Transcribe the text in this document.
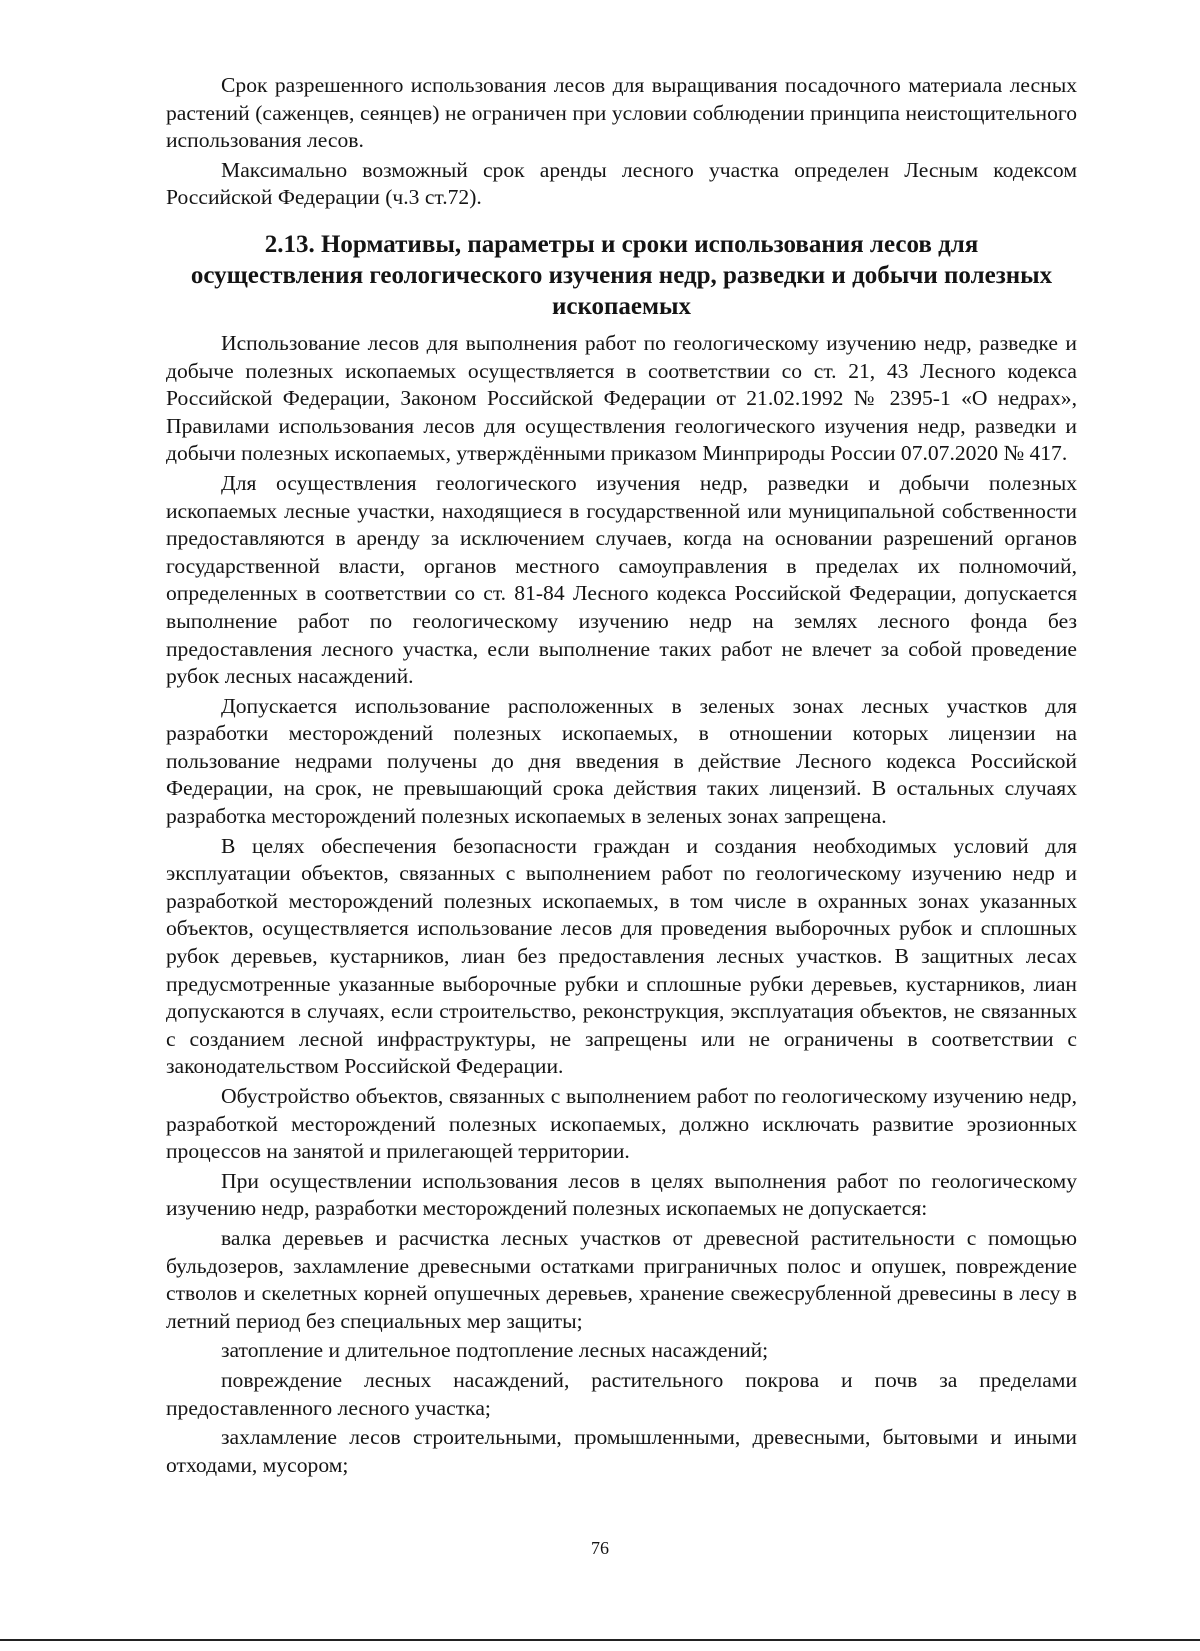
Срок разрешенного использования лесов для выращивания посадочного материала лесных растений (саженцев, сеянцев) не ограничен при условии соблюдении принципа неистощительного использования лесов.

Максимально возможный срок аренды лесного участка определен Лесным кодексом Российской Федерации (ч.3 ст.72).

2.13. Нормативы, параметры и сроки использования лесов для осуществления геологического изучения недр, разведки и добычи полезных ископаемых

Использование лесов для выполнения работ по геологическому изучению недр, разведке и добыче полезных ископаемых осуществляется в соответствии со ст. 21, 43 Лесного кодекса Российской Федерации, Законом Российской Федерации от 21.02.1992 № 2395-1 «О недрах», Правилами использования лесов для осуществления геологического изучения недр, разведки и добычи полезных ископаемых, утверждёнными приказом Минприроды России 07.07.2020 № 417.

Для осуществления геологического изучения недр, разведки и добычи полезных ископаемых лесные участки, находящиеся в государственной или муниципальной собственности предоставляются в аренду за исключением случаев, когда на основании разрешений органов государственной власти, органов местного самоуправления в пределах их полномочий, определенных в соответствии со ст. 81-84 Лесного кодекса Российской Федерации, допускается выполнение работ по геологическому изучению недр на землях лесного фонда без предоставления лесного участка, если выполнение таких работ не влечет за собой проведение рубок лесных насаждений.

Допускается использование расположенных в зеленых зонах лесных участков для разработки месторождений полезных ископаемых, в отношении которых лицензии на пользование недрами получены до дня введения в действие Лесного кодекса Российской Федерации, на срок, не превышающий срока действия таких лицензий. В остальных случаях разработка месторождений полезных ископаемых в зеленых зонах запрещена.

В целях обеспечения безопасности граждан и создания необходимых условий для эксплуатации объектов, связанных с выполнением работ по геологическому изучению недр и разработкой месторождений полезных ископаемых, в том числе в охранных зонах указанных объектов, осуществляется использование лесов для проведения выборочных рубок и сплошных рубок деревьев, кустарников, лиан без предоставления лесных участков. В защитных лесах предусмотренные указанные выборочные рубки и сплошные рубки деревьев, кустарников, лиан допускаются в случаях, если строительство, реконструкция, эксплуатация объектов, не связанных с созданием лесной инфраструктуры, не запрещены или не ограничены в соответствии с законодательством Российской Федерации.

Обустройство объектов, связанных с выполнением работ по геологическому изучению недр, разработкой месторождений полезных ископаемых, должно исключать развитие эрозионных процессов на занятой и прилегающей территории.

При осуществлении использования лесов в целях выполнения работ по геологическому изучению недр, разработки месторождений полезных ископаемых не допускается:

валка деревьев и расчистка лесных участков от древесной растительности с помощью бульдозеров, захламление древесными остатками приграничных полос и опушек, повреждение стволов и скелетных корней опушечных деревьев, хранение свежесрубленной древесины в лесу в летний период без специальных мер защиты;

затопление и длительное подтопление лесных насаждений;

повреждение лесных насаждений, растительного покрова и почв за пределами предоставленного лесного участка;

захламление лесов строительными, промышленными, древесными, бытовыми и иными отходами, мусором;

76
